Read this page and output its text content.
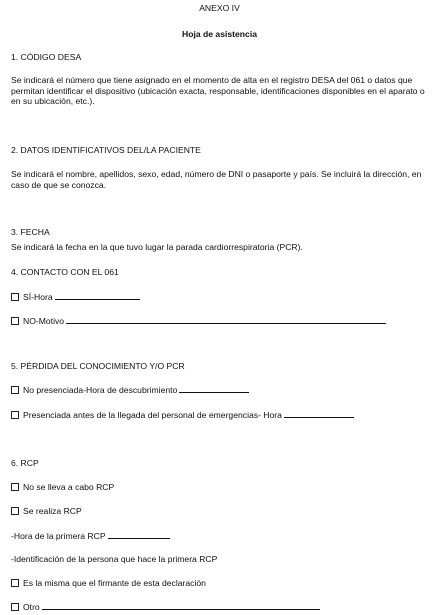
ANEXO IV
Hoja de asistencia
1. CÓDIGO DESA
Se indicará el número que tiene asignado en el momento de alta en el registro DESA del 061 o datos que permitan identificar el dispositivo (ubicación exacta, responsable, identificaciones disponibles en el aparato o en su ubicación, etc.).
2. DATOS IDENTIFICATIVOS DEL/LA PACIENTE
Se indicará el nombre, apellidos, sexo, edad, número de DNI o pasaporte y país. Se incluirá la dirección, en caso de que se conozca.
3. FECHA
Se indicará la fecha en la que tuvo lugar la parada cardiorrespiratoria (PCR).
4. CONTACTO CON EL 061
SÍ-Hora
NO-Motivo
5. PÉRDIDA DEL CONOCIMIENTO Y/O PCR
No presenciada-Hora de descubrimiento
Presenciada antes de la llegada del personal de emergencias- Hora
6. RCP
No se lleva a cabo RCP
Se realiza RCP
-Hora de la primera RCP
-Identificación de la persona que hace la primera RCP
Es la misma que el firmante de esta declaración
Otro
